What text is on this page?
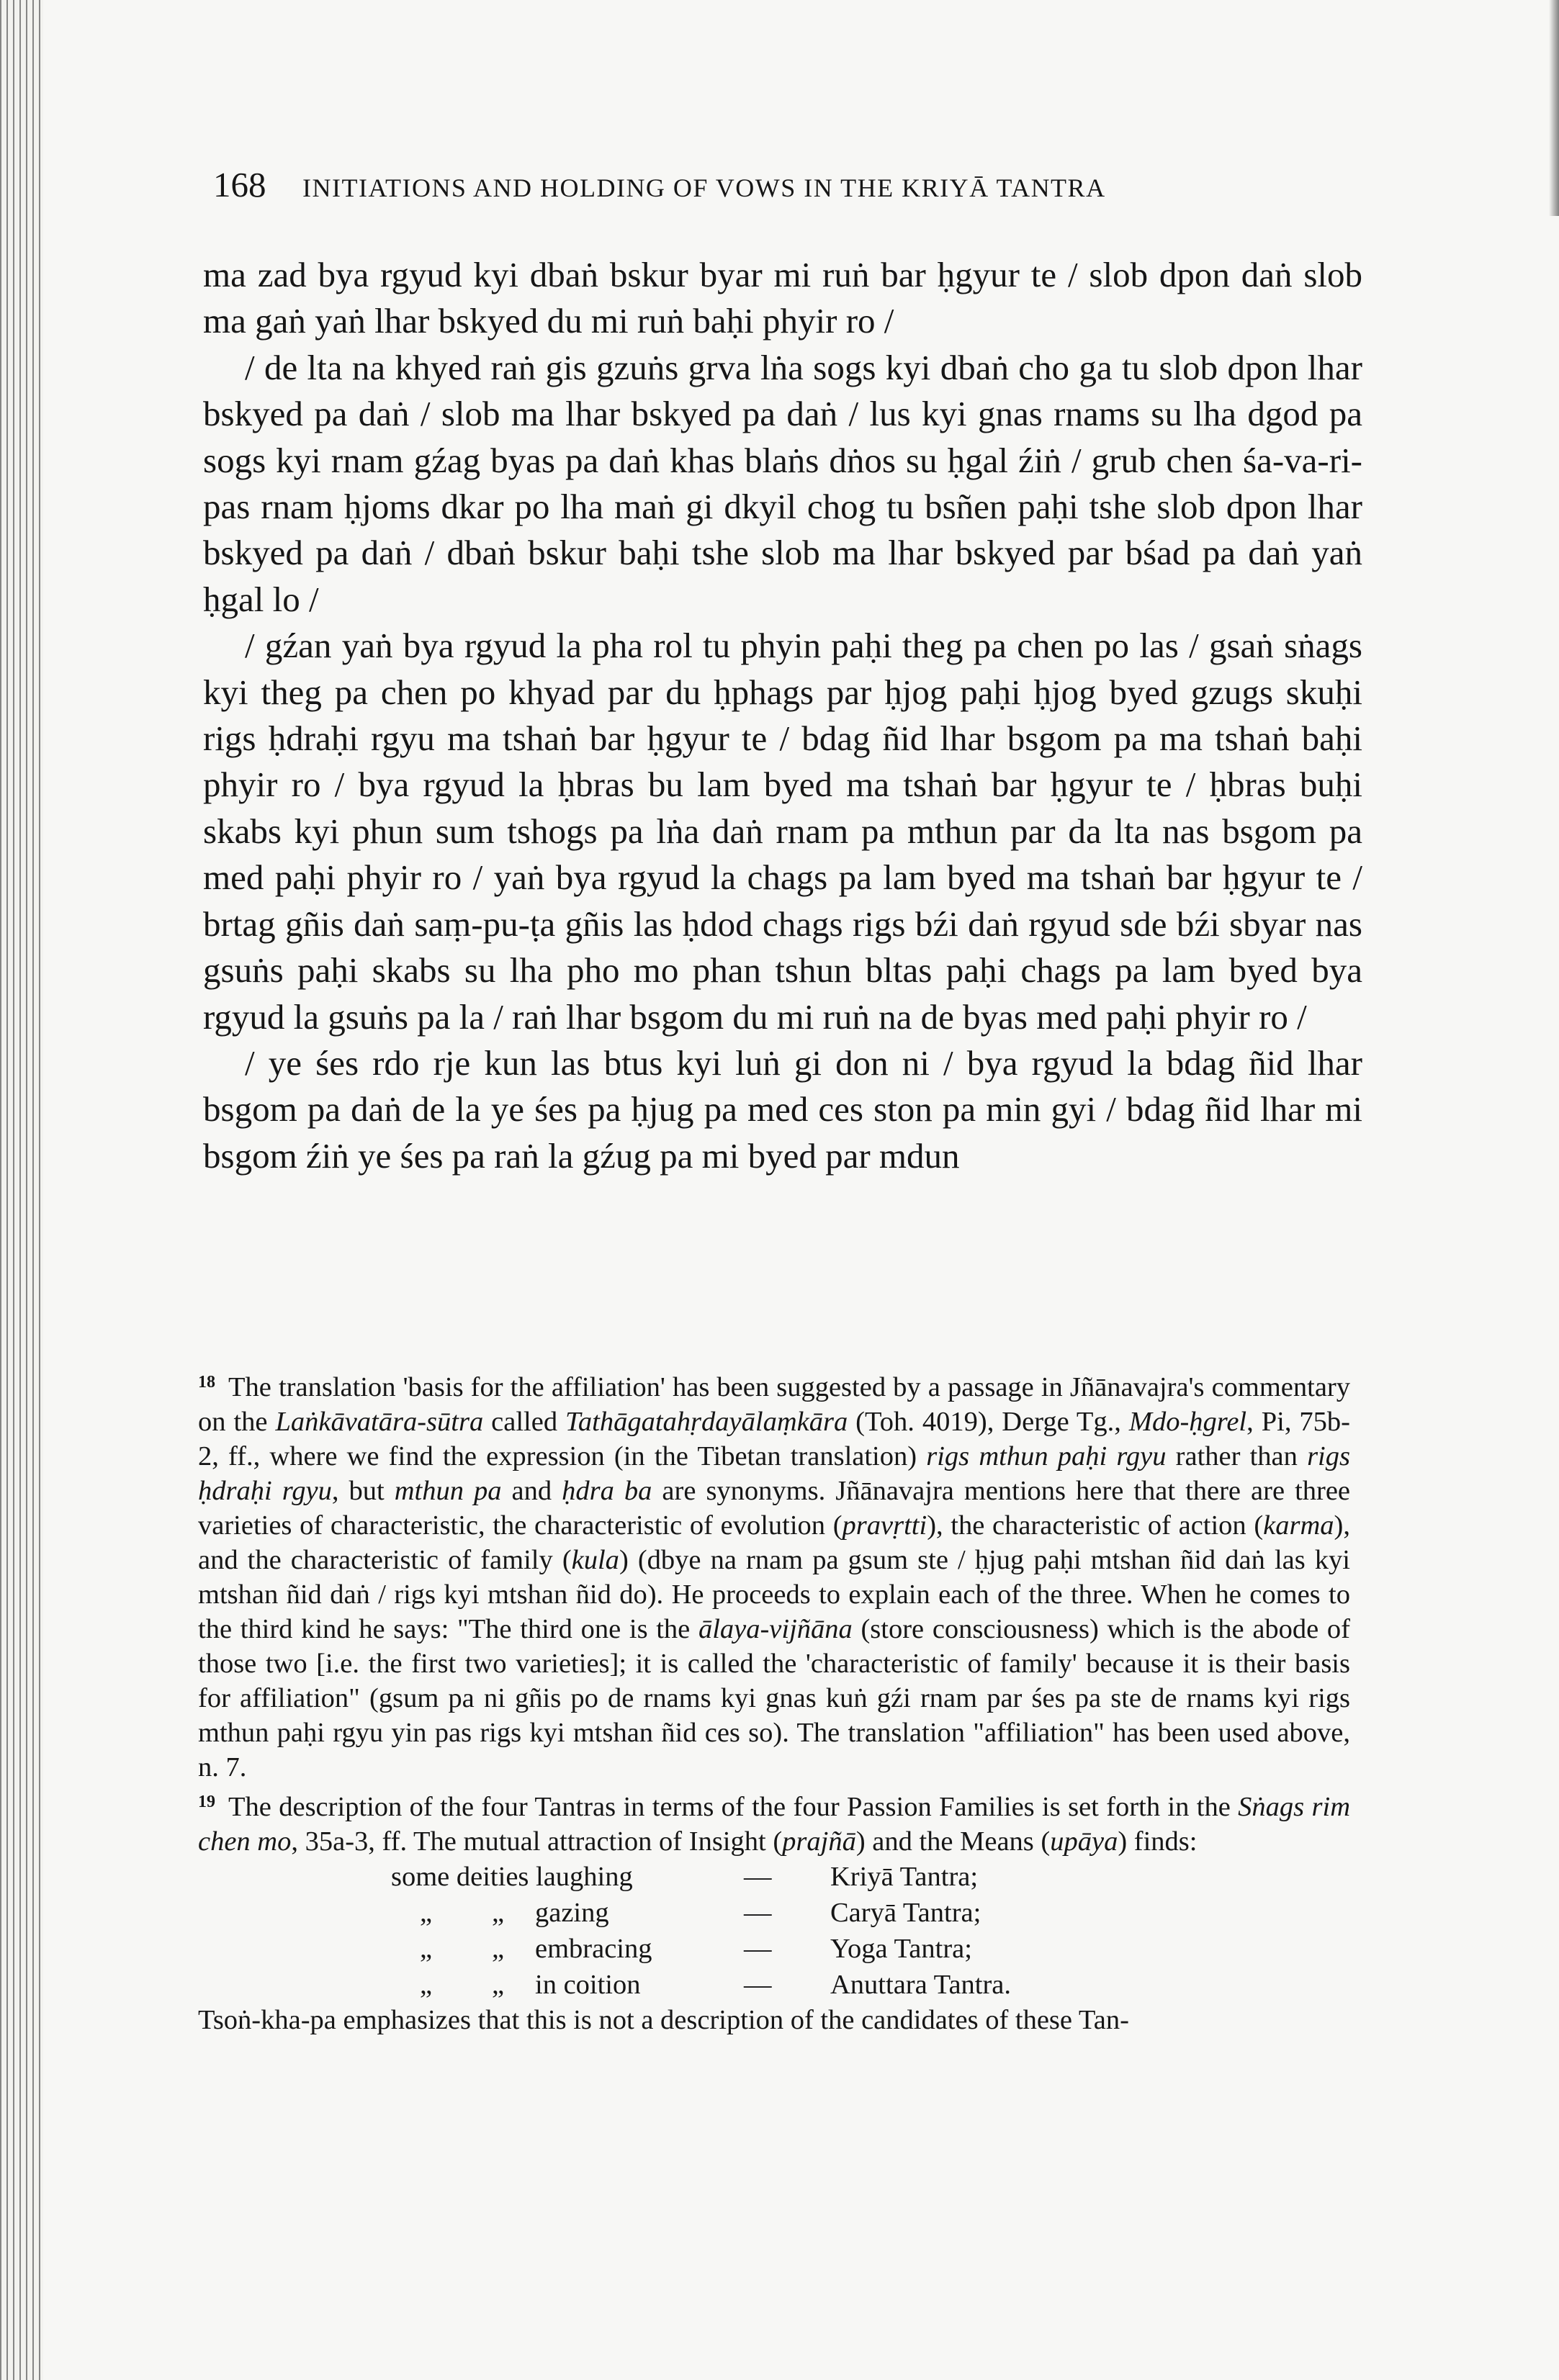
168 INITIATIONS AND HOLDING OF VOWS IN THE KRIYĀ TANTRA

ma zad bya rgyud kyi dbaṅ bskur byar mi ruṅ bar ḥgyur te / slob dpon daṅ slob ma gaṅ yaṅ lhar bskyed du mi ruṅ baḥi phyir ro /

/ de lta na khyed raṅ gis gzuṅs grva lṅa sogs kyi dbaṅ cho ga tu slob dpon lhar bskyed pa daṅ / slob ma lhar bskyed pa daṅ / lus kyi gnas rnams su lha dgod pa sogs kyi rnam gźag byas pa daṅ khas blaṅs dṅos su ḥgal źiṅ / grub chen śa-va-ri-pas rnam ḥjoms dkar po lha maṅ gi dkyil chog tu bsñen paḥi tshe slob dpon lhar bskyed pa daṅ / dbaṅ bskur baḥi tshe slob ma lhar bskyed par bśad pa daṅ yaṅ ḥgal lo /

/ gźan yaṅ bya rgyud la pha rol tu phyin paḥi theg pa chen po las / gsaṅ sṅags kyi theg pa chen po khyad par du ḥphags par ḥjog paḥi ḥjog byed gzugs skuḥi rigs ḥdraḥi rgyu ma tshaṅ bar ḥgyur te / bdag ñid lhar bsgom pa ma tshaṅ baḥi phyir ro / bya rgyud la ḥbras bu lam byed ma tshaṅ bar ḥgyur te / ḥbras buḥi skabs kyi phun sum tshogs pa lṅa daṅ rnam pa mthun par da lta nas bsgom pa med paḥi phyir ro / yaṅ bya rgyud la chags pa lam byed ma tshaṅ bar ḥgyur te / brtag gñis daṅ saṃ-pu-ṭa gñis las ḥdod chags rigs bźi daṅ rgyud sde bźi sbyar nas gsuṅs paḥi skabs su lha pho mo phan tshun bltas paḥi chags pa lam byed bya rgyud la gsuṅs pa la / raṅ lhar bsgom du mi ruṅ na de byas med paḥi phyir ro /

/ ye śes rdo rje kun las btus kyi luṅ gi don ni / bya rgyud la bdag ñid lhar bsgom pa daṅ de la ye śes pa ḥjug pa med ces ston pa min gyi / bdag ñid lhar mi bsgom źiṅ ye śes pa raṅ la gźug pa mi byed par mdun

$^{18}$ The translation 'basis for the affiliation' has been suggested by a passage in Jñānavajra's commentary on the Laṅkāvatāra-sūtra called Tathāgatahṛdayālaṃkāra (Toh. 4019), Derge Tg., Mdo-ḥgrel, Pi, 75b-2, ff., where we find the expression (in the Tibetan translation) rigs mthun paḥi rgyu rather than rigs ḥdraḥi rgyu, but mthun pa and ḥdra ba are synonyms. Jñānavajra mentions here that there are three varieties of characteristic, the characteristic of evolution (pravṛtti), the characteristic of action (karma), and the characteristic of family (kula) (dbye na rnam pa gsum ste / ḥjug paḥi mtshan ñid daṅ las kyi mtshan ñid daṅ / rigs kyi mtshan ñid do). He proceeds to explain each of the three. When he comes to the third kind he says: "The third one is the ālaya-vijñāna (store consciousness) which is the abode of those two [i.e. the first two varieties]; it is called the 'characteristic of family' because it is their basis for affiliation" (gsum pa ni gñis po de rnams kyi gnas kuṅ gźi rnam par śes pa ste de rnams kyi rigs mthun paḥi rgyu yin pas rigs kyi mtshan ñid ces so). The translation "affiliation" has been used above, n. 7.

$^{19}$ The description of the four Tantras in terms of the four Passion Families is set forth in the Sṅags rim chen mo, 35a-3, ff. The mutual attraction of Insight (prajñā) and the Means (upāya) finds:

some deities laughing	—	Kriyā Tantra;
„ „ gazing	—	Caryā Tantra;
„ „ embracing	—	Yoga Tantra;
„ „ in coition	—	Anuttara Tantra.

Tsoṅ-kha-pa emphasizes that this is not a description of the candidates of these Tan-
